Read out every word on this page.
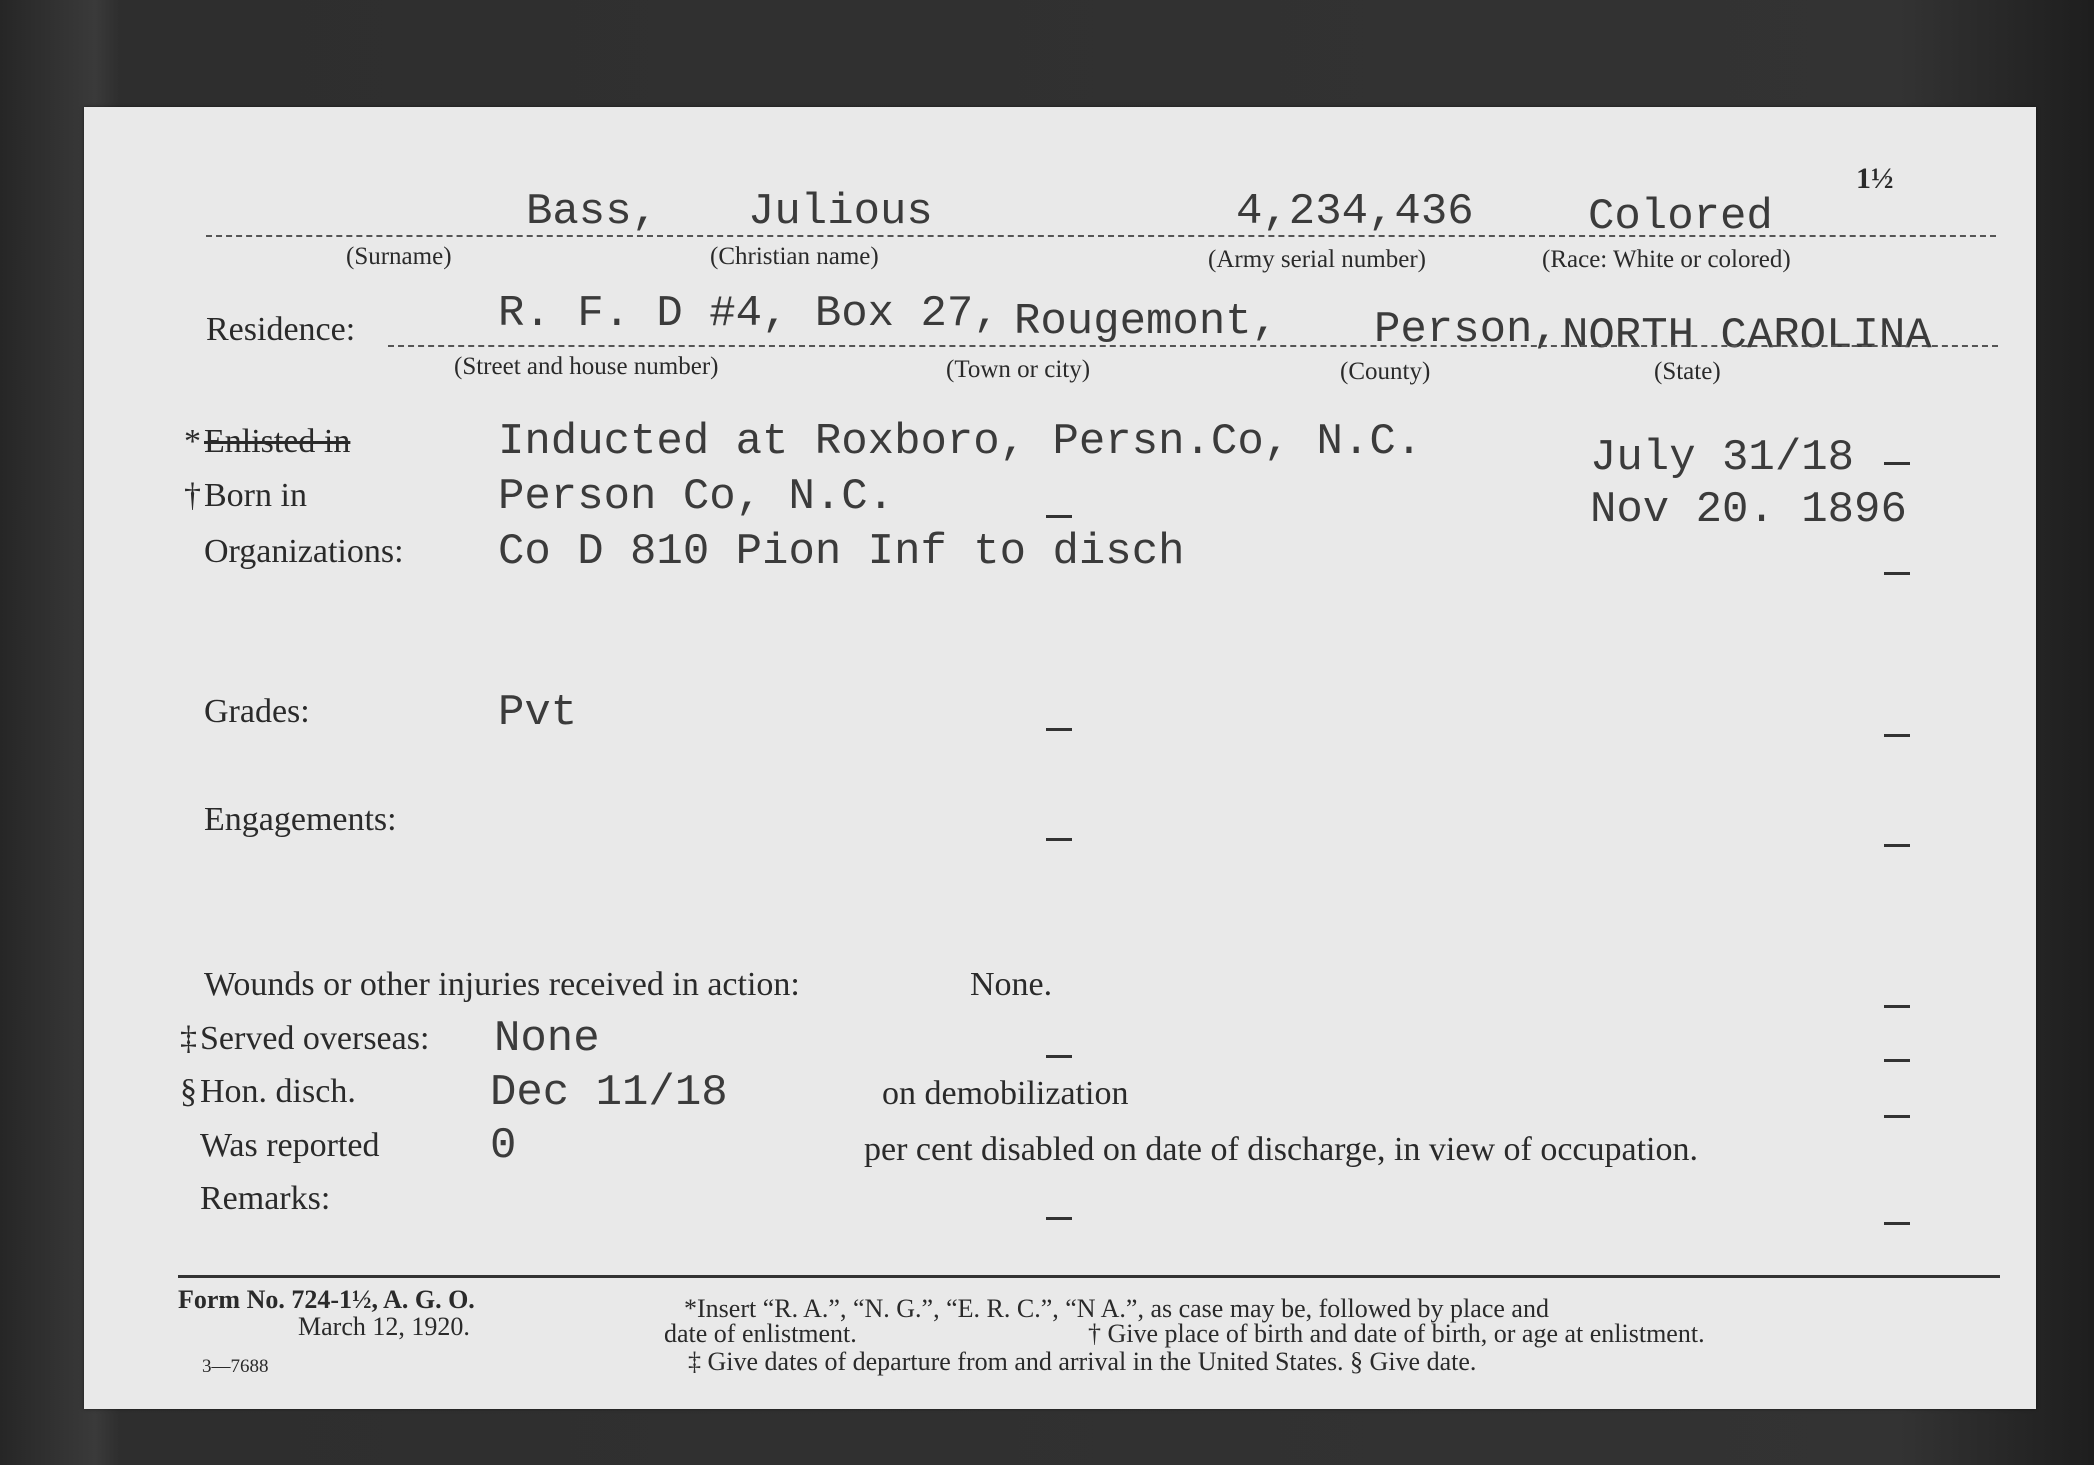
1½
Bass, Julious	4,234,436	Colored
(Surname)	(Christian name)	(Army serial number)	(Race: White or colored)
Residence:	R. F. D #4, Box 27, Rougemont, Person, NORTH CAROLINA
(Street and house number)	(Town or city)	(County)	(State)
* Enlisted in	Inducted at Roxboro, Persn.Co, N.C.	July 31/18
† Born in	Person Co, N.C.	Nov 20. 1896
Organizations: Co D 810 Pion Inf to disch
Grades:	Pvt
Engagements:
Wounds or other injuries received in action:	None.
‡ Served overseas: None
§ Hon. disch.	Dec 11/18	on demobilization
Was reported	0	per cent disabled on date of discharge, in view of occupation.
Remarks:
Form No. 724-1½, A. G. O.
March 12, 1920.
3—7688
*Insert “R. A.”, “N. G.”, “E. R. C.”, “N A.”, as case may be, followed by place and
date of enlistment.	† Give place of birth and date of birth, or age at enlistment.
‡ Give dates of departure from and arrival in the United States. § Give date.
